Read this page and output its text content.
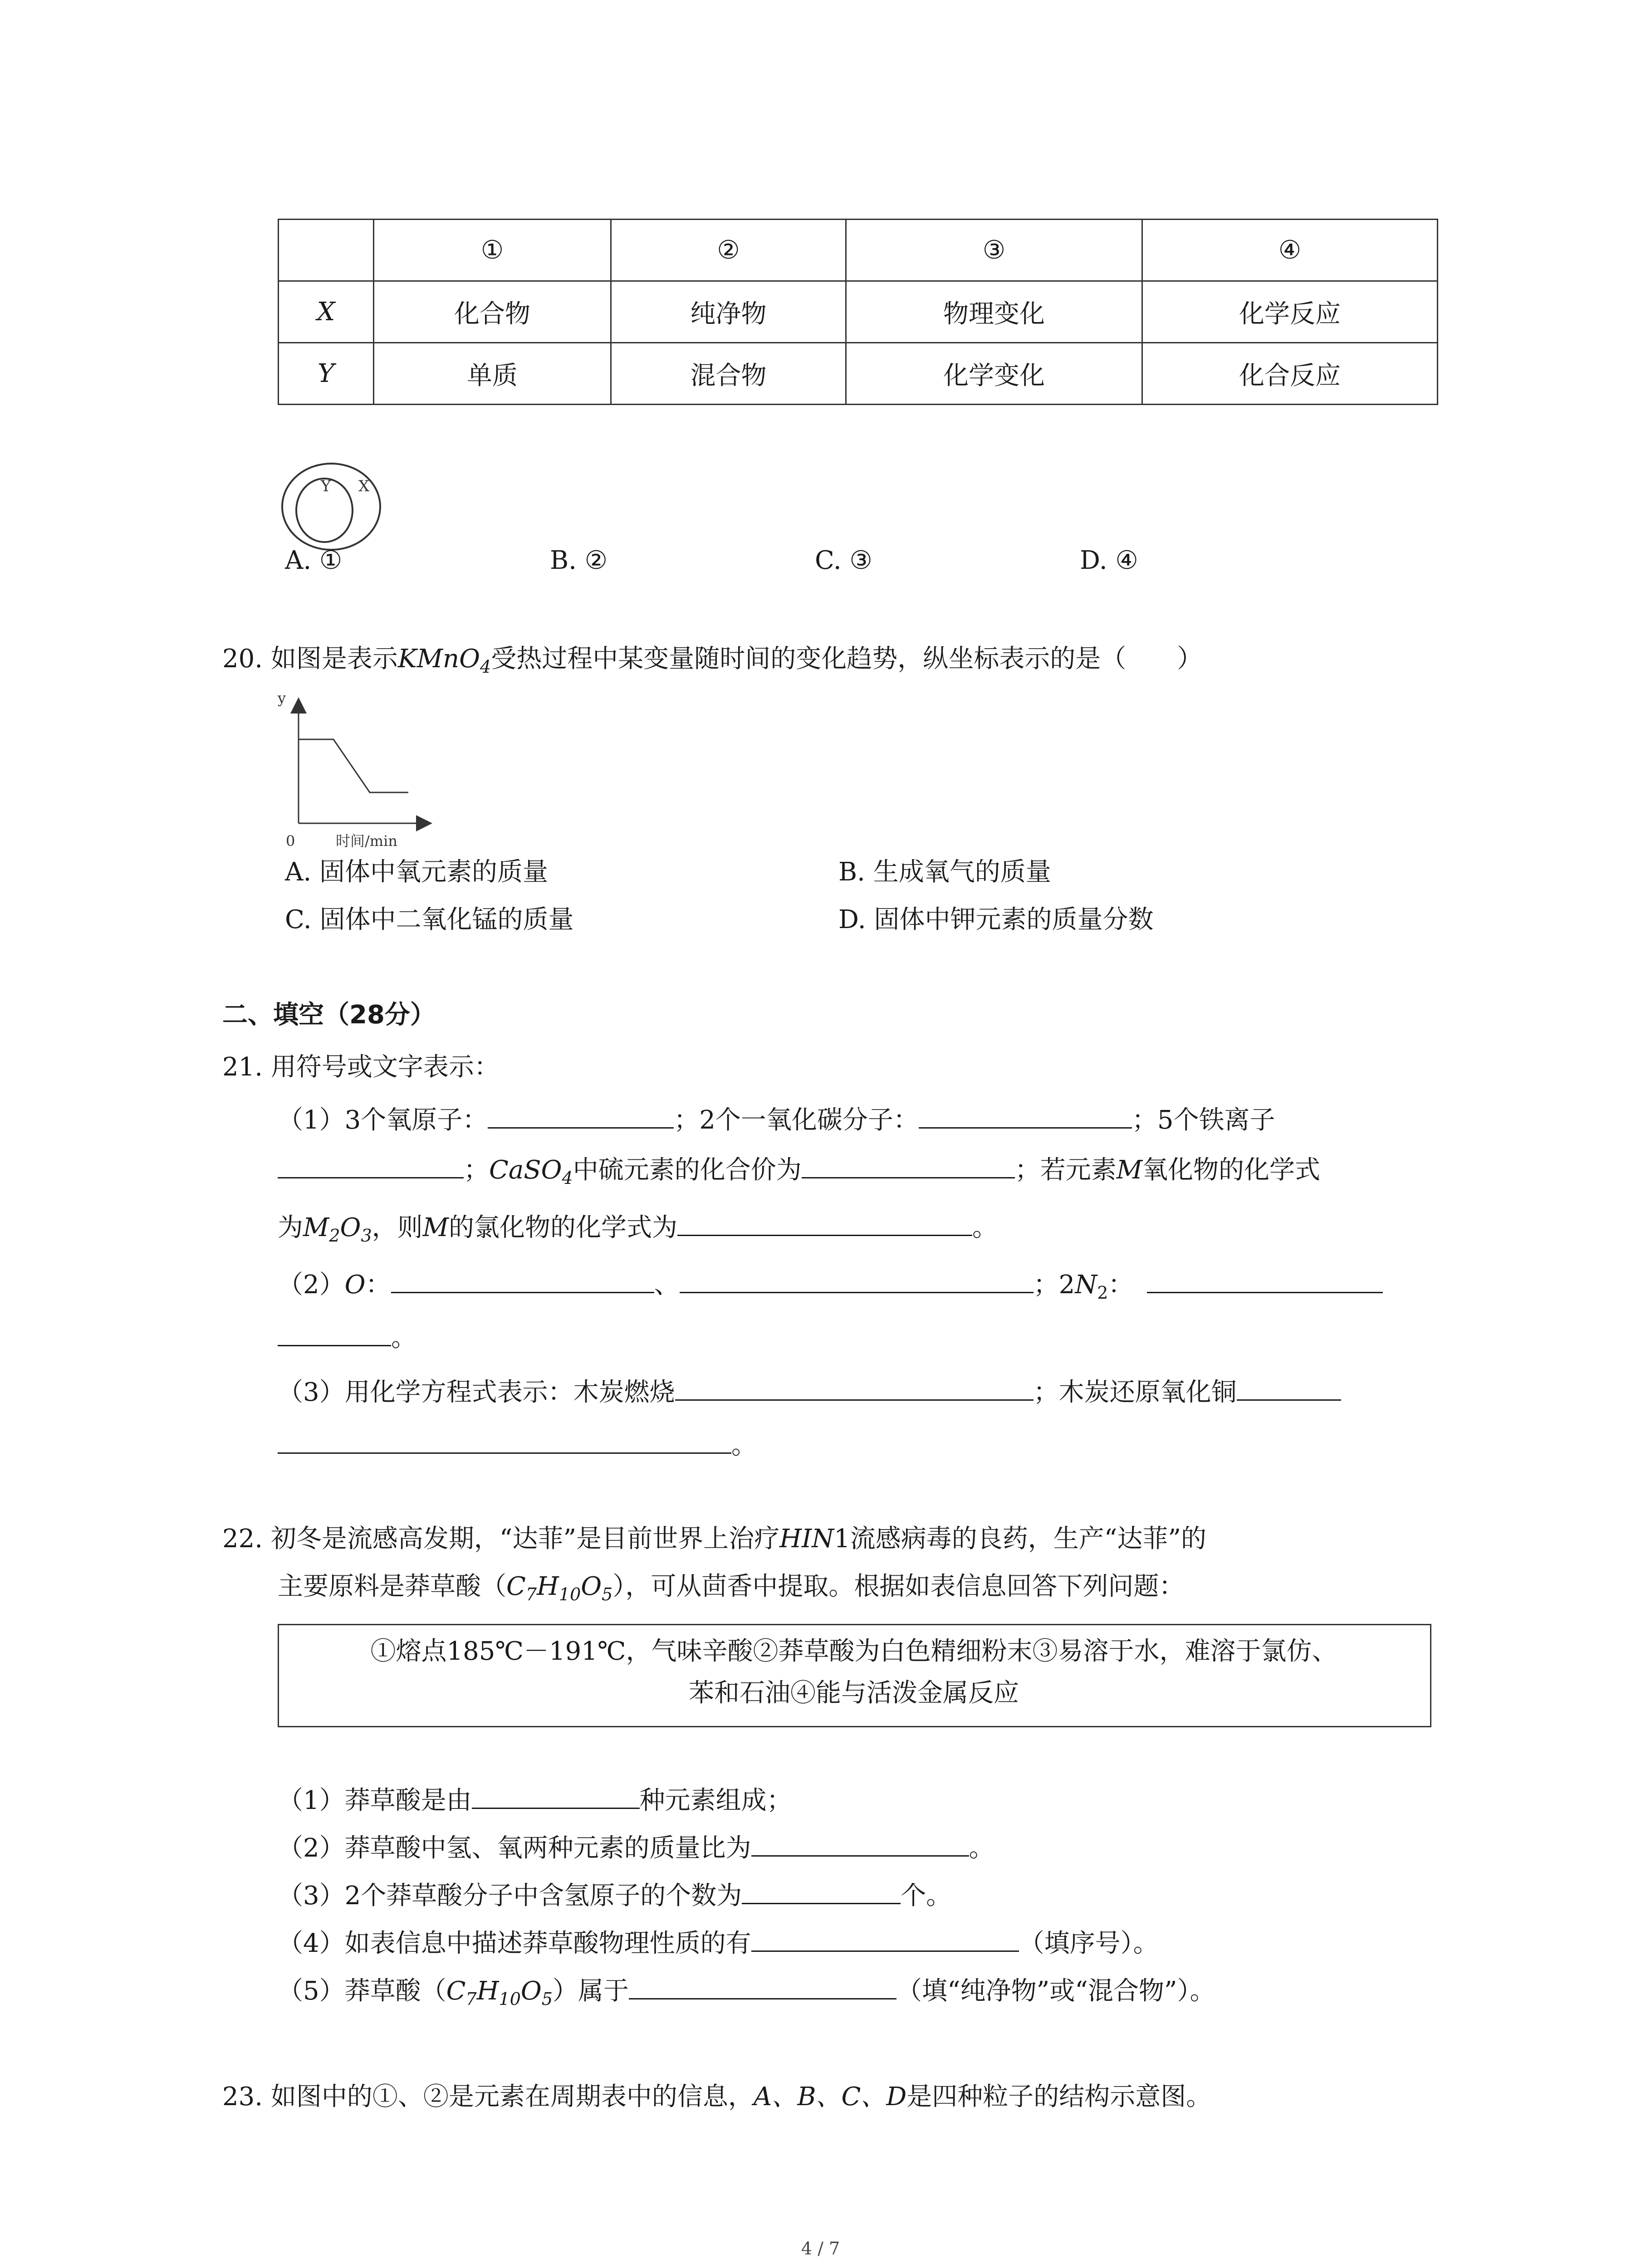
	①	②	③	④
X	化合物	纯净物	物理变化	化学反应
Y	单质	混合物	化学变化	化合反应
Y X
A. ①	B. ②	C. ③	D. ④
20. 如图是表示KMnO$_4$受热过程中某变量随时间的变化趋势，纵坐标表示的是（　　）
y
0	时间/min
A. 固体中氧元素的质量	B. 生成氧气的质量
C. 固体中二氧化锰的质量	D. 固体中钾元素的质量分数
二、填空（28分）
21. 用符号或文字表示：
（1）3个氧原子：	；2个一氧化碳分子：	；5个铁离子
；CaSO$_4$中硫元素的化合价为	；若元素M氧化物的化学式
为$M_2O_3$，则M的氯化物的化学式为	。
（2）O：	、	；$2N_2$：
。
（3）用化学方程式表示：木炭燃烧	；木炭还原氧化铜
。
22. 初冬是流感高发期，“达菲”是目前世界上治疗HIN1流感病毒的良药，生产“达菲”的
主要原料是莽草酸$(C_7H_{10}O_5)$，可从茴香中提取。根据如表信息回答下列问题：
①熔点185℃－191℃，气味辛酸②莽草酸为白色精细粉末③易溶于水，难溶于氯仿、
苯和石油④能与活泼金属反应
（1）莽草酸是由	种元素组成；
（2）莽草酸中氢、氧两种元素的质量比为	。
（3）2个莽草酸分子中含氢原子的个数为	个。
（4）如表信息中描述莽草酸物理性质的有	（填序号）。
（5）莽草酸$(C_7H_{10}O_5)$属于	（填“纯净物”或“混合物”）。
23. 如图中的①、②是元素在周期表中的信息，A、B、C、D是四种粒子的结构示意图。
4 / 7
